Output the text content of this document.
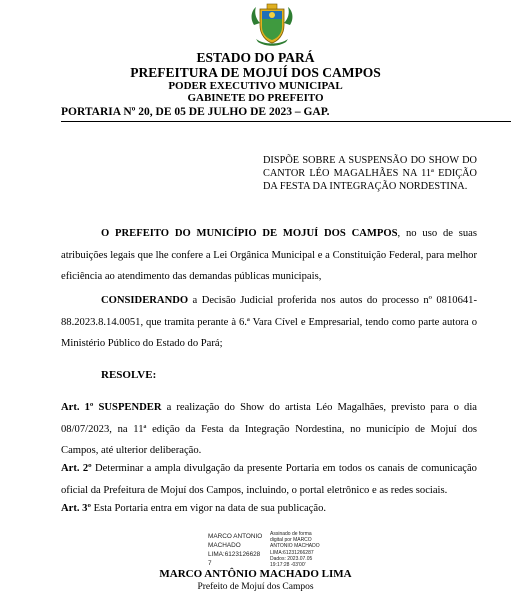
ESTADO DO PARÁ
PREFEITURA DE MOJUÍ DOS CAMPOS
PODER EXECUTIVO MUNICIPAL
GABINETE DO PREFEITO
PORTARIA Nº 20, DE 05 DE JULHO DE 2023 – GAP.
DISPÕE SOBRE A SUSPENSÃO DO SHOW DO CANTOR LÉO MAGALHÃES NA 11ª EDIÇÃO DA FESTA DA INTEGRAÇÃO NORDESTINA.
O PREFEITO DO MUNICÍPIO DE MOJUÍ DOS CAMPOS, no uso de suas atribuições legais que lhe confere a Lei Orgânica Municipal e a Constituição Federal, para melhor eficiência ao atendimento das demandas públicas municipais,
CONSIDERANDO a Decisão Judicial proferida nos autos do processo nº 0810641-88.2023.8.14.0051, que tramita perante à 6.ª Vara Cível e Empresarial, tendo como parte autora o Ministério Público do Estado do Pará;
RESOLVE:
Art. 1º SUSPENDER a realização do Show do artista Léo Magalhães, previsto para o dia 08/07/2023, na 11ª edição da Festa da Integração Nordestina, no município de Mojuí dos Campos, até ulterior deliberação.
Art. 2º Determinar a ampla divulgação da presente Portaria em todos os canais de comunicação oficial da Prefeitura de Mojuí dos Campos, incluindo, o portal eletrônico e as redes sociais.
Art. 3º Esta Portaria entra em vigor na data de sua publicação.
MARCO ANTONIO
MACHADO
LIMA:6123126628
7
Assinado de forma
digital por MARCO
ANTONIO MACHADO
LIMA:61231266287
Dados: 2023.07.05
19:17:28 -03'00'
MARCO ANTÔNIO MACHADO LIMA
Prefeito de Mojuí dos Campos
